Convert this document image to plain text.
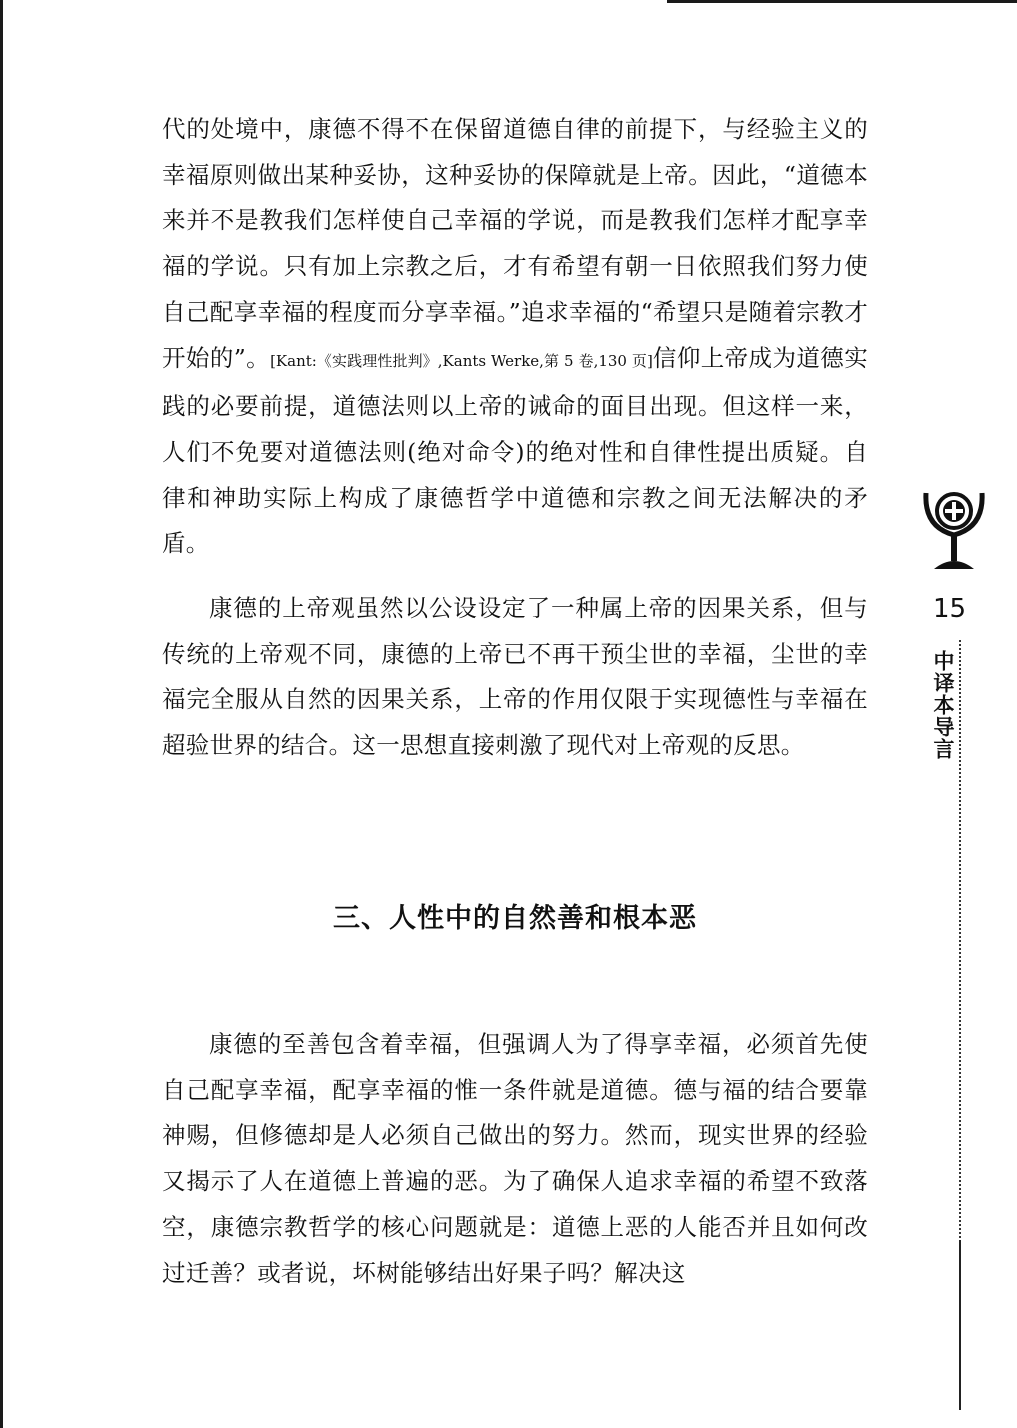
代的处境中，康德不得不在保留道德自律的前提下，与经验主义的幸福原则做出某种妥协，这种妥协的保障就是上帝。因此，“道德本来并不是教我们怎样使自己幸福的学说，而是教我们怎样才配享幸福的学说。只有加上宗教之后，才有希望有朝一日依照我们努力使自己配享幸福的程度而分享幸福。”追求幸福的“希望只是随着宗教才开始的”。[Kant:《实践理性批判》,Kants Werke,第 5 卷,130 页]信仰上帝成为道德实践的必要前提，道德法则以上帝的诫命的面目出现。但这样一来，人们不免要对道德法则(绝对命令)的绝对性和自律性提出质疑。自律和神助实际上构成了康德哲学中道德和宗教之间无法解决的矛盾。

康德的上帝观虽然以公设设定了一种属上帝的因果关系，但与传统的上帝观不同，康德的上帝已不再干预尘世的幸福，尘世的幸福完全服从自然的因果关系，上帝的作用仅限于实现德性与幸福在超验世界的结合。这一思想直接刺激了现代对上帝观的反思。

三、人性中的自然善和根本恶

康德的至善包含着幸福，但强调人为了得享幸福，必须首先使自己配享幸福，配享幸福的惟一条件就是道德。德与福的结合要靠神赐，但修德却是人必须自己做出的努力。然而，现实世界的经验又揭示了人在道德上普遍的恶。为了确保人追求幸福的希望不致落空，康德宗教哲学的核心问题就是：道德上恶的人能否并且如何改过迁善？或者说，坏树能够结出好果子吗？解决这

15
中译本导言
